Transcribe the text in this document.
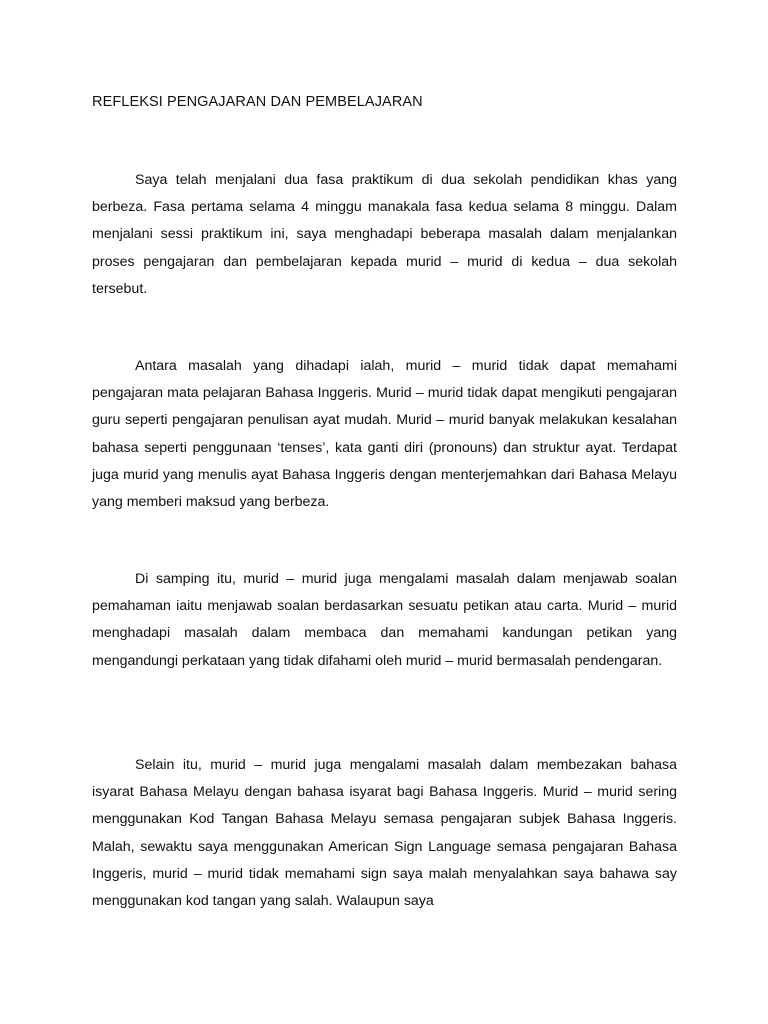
REFLEKSI PENGAJARAN DAN PEMBELAJARAN

Saya telah menjalani dua fasa praktikum di dua sekolah pendidikan khas yang berbeza. Fasa pertama selama 4 minggu manakala fasa kedua selama 8 minggu. Dalam menjalani sessi praktikum ini, saya menghadapi beberapa masalah dalam menjalankan proses pengajaran dan pembelajaran kepada murid – murid di kedua – dua sekolah tersebut.

Antara masalah yang dihadapi ialah, murid – murid tidak dapat memahami pengajaran mata pelajaran Bahasa Inggeris. Murid – murid tidak dapat mengikuti pengajaran guru seperti pengajaran penulisan ayat mudah. Murid – murid banyak melakukan kesalahan bahasa seperti penggunaan ‘tenses’, kata ganti diri (pronouns) dan struktur ayat. Terdapat juga murid yang menulis ayat Bahasa Inggeris dengan menterjemahkan dari Bahasa Melayu yang memberi maksud yang berbeza.

Di samping itu, murid – murid juga mengalami masalah dalam menjawab soalan pemahaman iaitu menjawab soalan berdasarkan sesuatu petikan atau carta. Murid – murid menghadapi masalah dalam membaca dan memahami kandungan petikan yang mengandungi perkataan yang tidak difahami oleh murid – murid bermasalah pendengaran.

Selain itu, murid – murid juga mengalami masalah dalam membezakan bahasa isyarat Bahasa Melayu dengan bahasa isyarat bagi Bahasa Inggeris. Murid – murid sering menggunakan Kod Tangan Bahasa Melayu semasa pengajaran subjek Bahasa Inggeris. Malah, sewaktu saya menggunakan American Sign Language semasa pengajaran Bahasa Inggeris, murid – murid tidak memahami sign saya malah menyalahkan saya bahawa say menggunakan kod tangan yang salah. Walaupun saya
